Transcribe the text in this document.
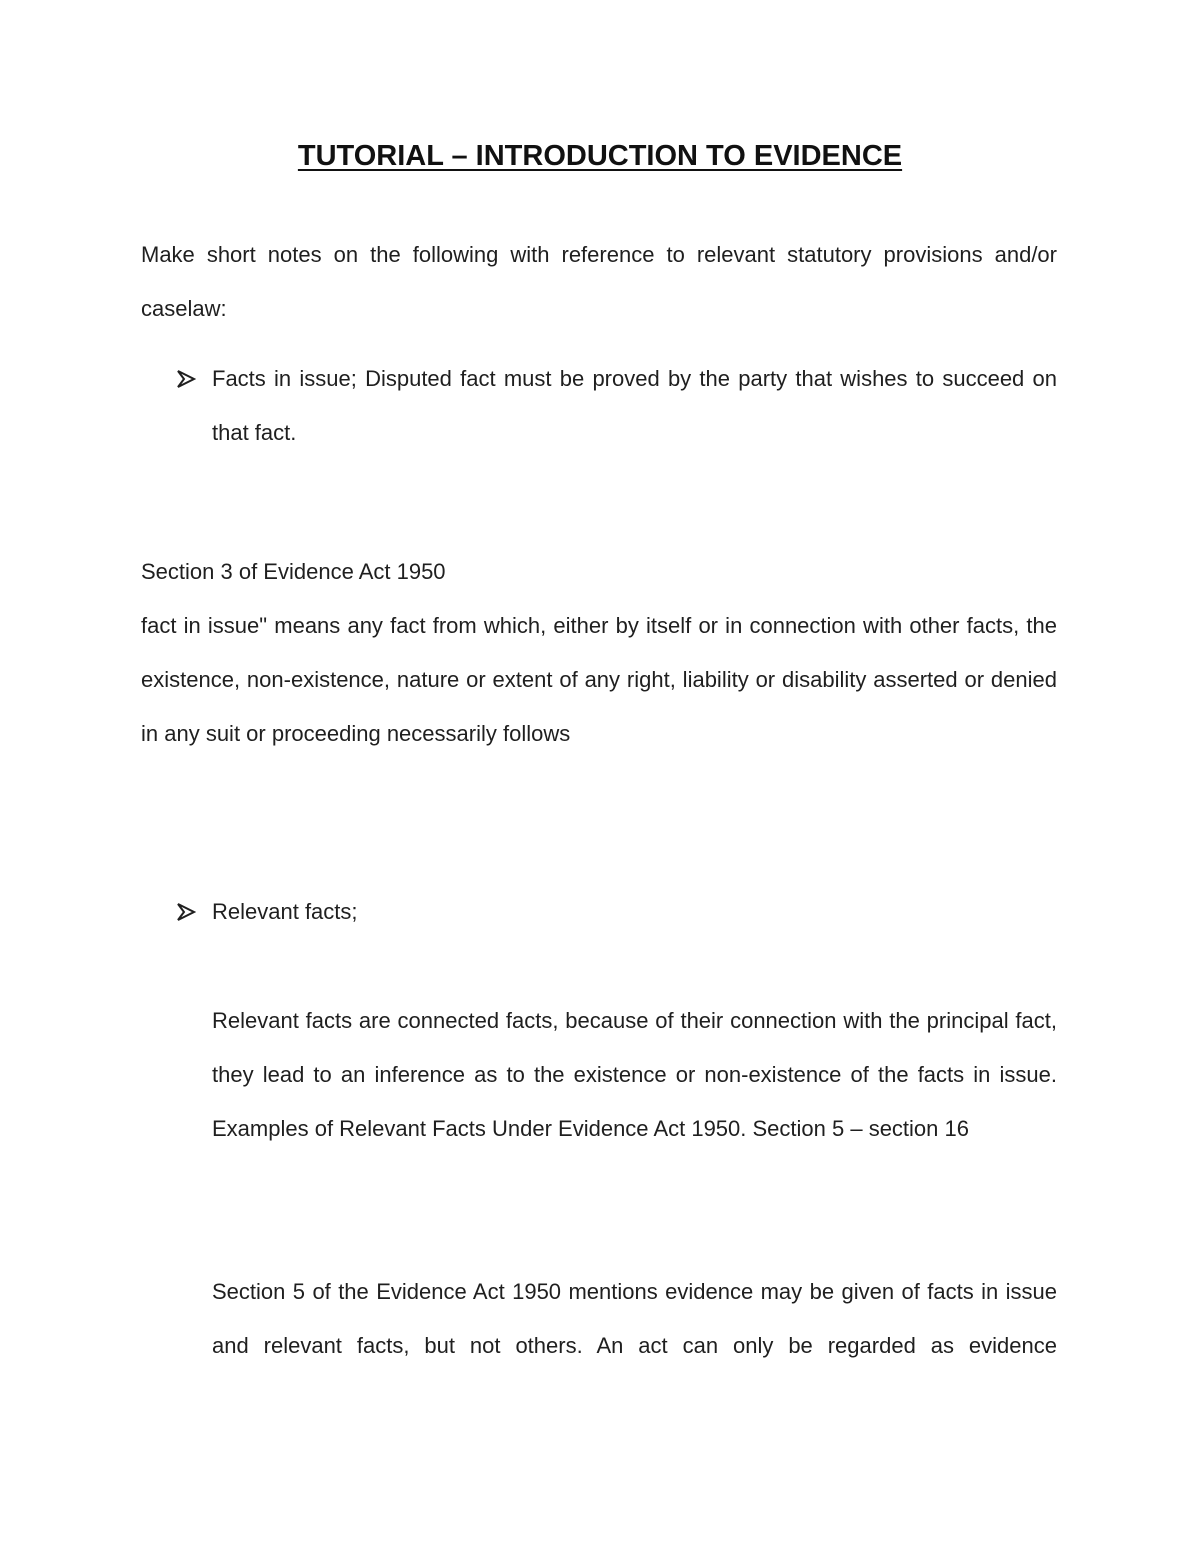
TUTORIAL – INTRODUCTION TO EVIDENCE

Make short notes on the following with reference to relevant statutory provisions and/or caselaw:

Facts in issue; Disputed fact must be proved by the party that wishes to succeed on that fact.

Section 3 of Evidence Act 1950

fact in issue" means any fact from which, either by itself or in connection with other facts, the existence, non-existence, nature or extent of any right, liability or disability asserted or denied in any suit or proceeding necessarily follows

Relevant facts;

Relevant facts are connected facts, because of their connection with the principal fact, they lead to an inference as to the existence or non-existence of the facts in issue. Examples of Relevant Facts Under Evidence Act 1950. Section 5 – section 16

Section 5 of the Evidence Act 1950 mentions evidence may be given of facts in issue and relevant facts, but not others. An act can only be regarded as evidence
